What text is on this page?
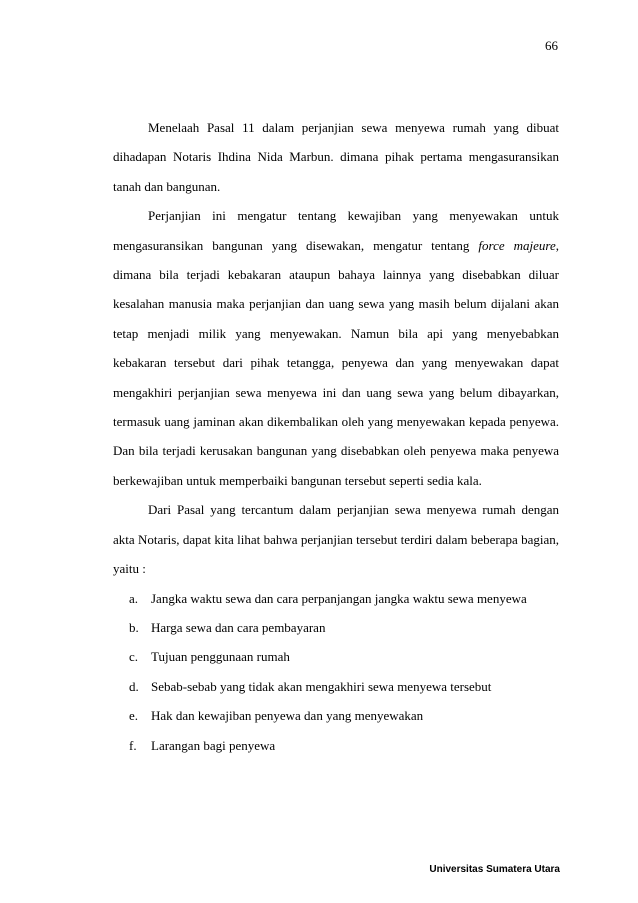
66

Menelaah Pasal 11 dalam perjanjian sewa menyewa rumah yang dibuat dihadapan Notaris Ihdina Nida Marbun. dimana pihak pertama mengasuransikan tanah dan bangunan.

Perjanjian ini mengatur tentang kewajiban yang menyewakan untuk mengasuransikan bangunan yang disewakan, mengatur tentang force majeure, dimana bila terjadi kebakaran ataupun bahaya lainnya yang disebabkan diluar kesalahan manusia maka perjanjian dan uang sewa yang masih belum dijalani akan tetap menjadi milik yang menyewakan. Namun bila api yang menyebabkan kebakaran tersebut dari pihak tetangga, penyewa dan yang menyewakan dapat mengakhiri perjanjian sewa menyewa ini dan uang sewa yang belum dibayarkan, termasuk uang jaminan akan dikembalikan oleh yang menyewakan kepada penyewa. Dan bila terjadi kerusakan bangunan yang disebabkan oleh penyewa maka penyewa berkewajiban untuk memperbaiki bangunan tersebut seperti sedia kala.

Dari Pasal yang tercantum dalam perjanjian sewa menyewa rumah dengan akta Notaris, dapat kita lihat bahwa perjanjian tersebut terdiri dalam beberapa bagian, yaitu :

a. Jangka waktu sewa dan cara perpanjangan jangka waktu sewa menyewa
b. Harga sewa dan cara pembayaran
c. Tujuan penggunaan rumah
d. Sebab-sebab yang tidak akan mengakhiri sewa menyewa tersebut
e. Hak dan kewajiban penyewa dan yang menyewakan
f. Larangan bagi penyewa
Universitas Sumatera Utara
